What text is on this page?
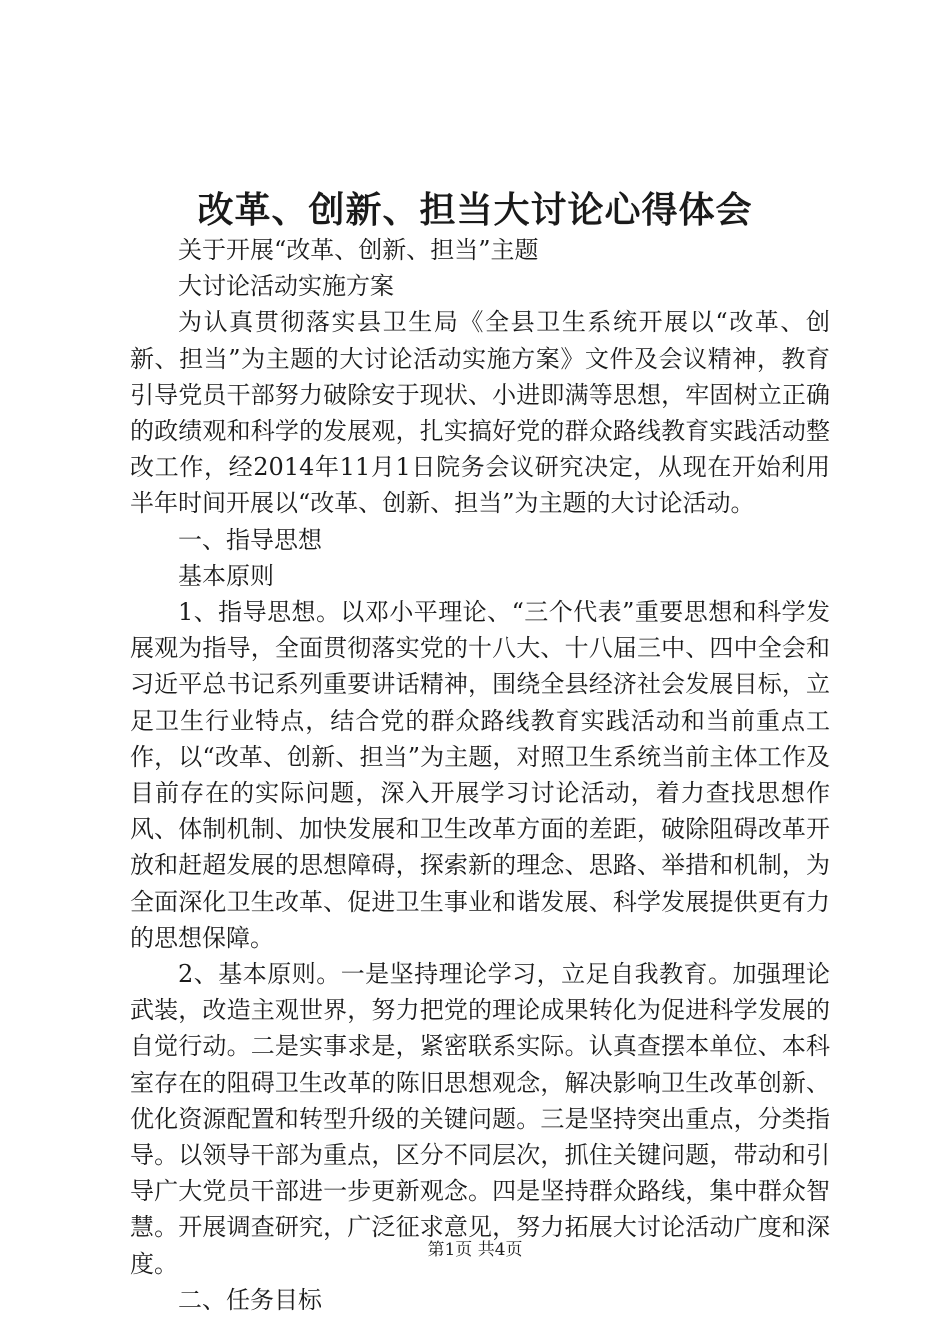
改革、创新、担当大讨论心得体会

关于开展“改革、创新、担当”主题

大讨论活动实施方案

为认真贯彻落实县卫生局《全县卫生系统开展以“改革、创新、担当”为主题的大讨论活动实施方案》文件及会议精神，教育引导党员干部努力破除安于现状、小进即满等思想，牢固树立正确的政绩观和科学的发展观，扎实搞好党的群众路线教育实践活动整改工作，经2014年11月1日院务会议研究决定，从现在开始利用半年时间开展以“改革、创新、担当”为主题的大讨论活动。

一、指导思想

基本原则

1、指导思想。以邓小平理论、“三个代表”重要思想和科学发展观为指导，全面贯彻落实党的十八大、十八届三中、四中全会和习近平总书记系列重要讲话精神，围绕全县经济社会发展目标，立足卫生行业特点，结合党的群众路线教育实践活动和当前重点工作，以“改革、创新、担当”为主题，对照卫生系统当前主体工作及目前存在的实际问题，深入开展学习讨论活动，着力查找思想作风、体制机制、加快发展和卫生改革方面的差距，破除阻碍改革开放和赶超发展的思想障碍，探索新的理念、思路、举措和机制，为全面深化卫生改革、促进卫生事业和谐发展、科学发展提供更有力的思想保障。

2、基本原则。一是坚持理论学习，立足自我教育。加强理论武装，改造主观世界，努力把党的理论成果转化为促进科学发展的自觉行动。二是实事求是，紧密联系实际。认真查摆本单位、本科室存在的阻碍卫生改革的陈旧思想观念，解决影响卫生改革创新、优化资源配置和转型升级的关键问题。三是坚持突出重点，分类指导。以领导干部为重点，区分不同层次，抓住关键问题，带动和引导广大党员干部进一步更新观念。四是坚持群众路线，集中群众智慧。开展调查研究，广泛征求意见，努力拓展大讨论活动广度和深度。

二、任务目标

第1页 共4页
